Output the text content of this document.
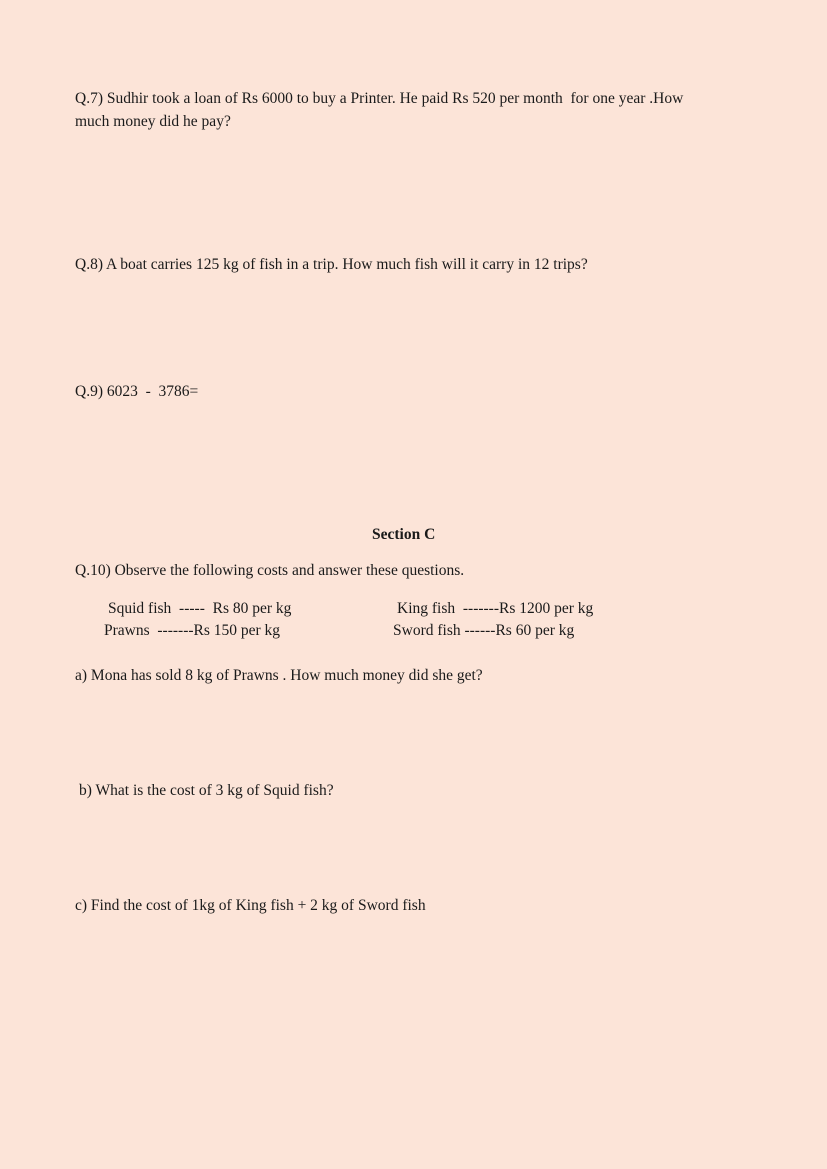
Q.7) Sudhir took a loan of Rs 6000 to buy a Printer. He paid Rs 520 per month  for one year .How
much money did he pay?
Q.8) A boat carries 125 kg of fish in a trip. How much fish will it carry in 12 trips?
Q.9) 6023  -  3786=
Section C
Q.10) Observe the following costs and answer these questions.
Squid fish  -----  Rs 80 per kg	King fish  -------Rs 1200 per kg
Prawns  -------Rs 150 per kg	Sword fish ------Rs 60 per kg
a) Mona has sold 8 kg of Prawns . How much money did she get?
b) What is the cost of 3 kg of Squid fish?
c) Find the cost of 1kg of King fish + 2 kg of Sword fish
